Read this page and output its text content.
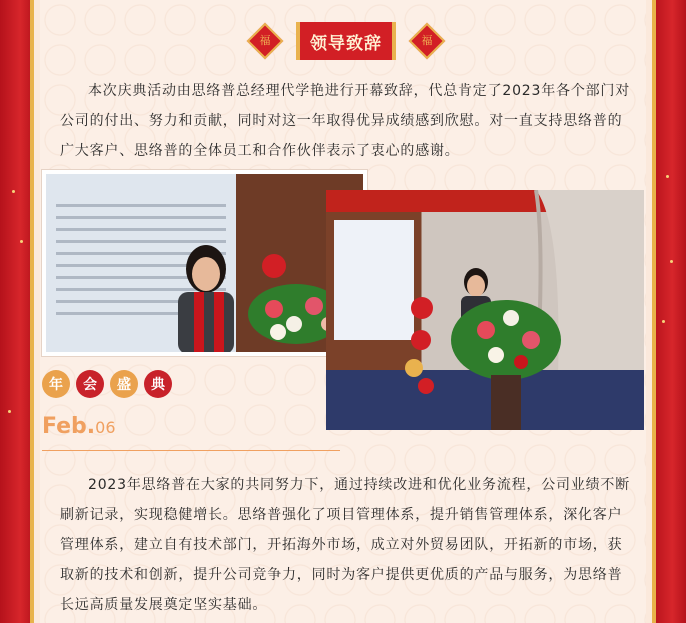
福	领导致辞	福

本次庆典活动由思络普总经理代学艳进行开幕致辞，代总肯定了2023年各个部门对公司的付出、努力和贡献，同时对这一年取得优异成绩感到欣慰。对一直支持思络普的广大客户、思络普的全体员工和合作伙伴表示了衷心的感谢。

年	会	盛	典
Feb.06

2023年思络普在大家的共同努力下，通过持续改进和优化业务流程，公司业绩不断刷新记录，实现稳健增长。思络普强化了项目管理体系，提升销售管理体系，深化客户管理体系，建立自有技术部门，开拓海外市场，成立对外贸易团队，开拓新的市场，获取新的技术和创新，提升公司竞争力，同时为客户提供更优质的产品与服务，为思络普长远高质量发展奠定坚实基础。
